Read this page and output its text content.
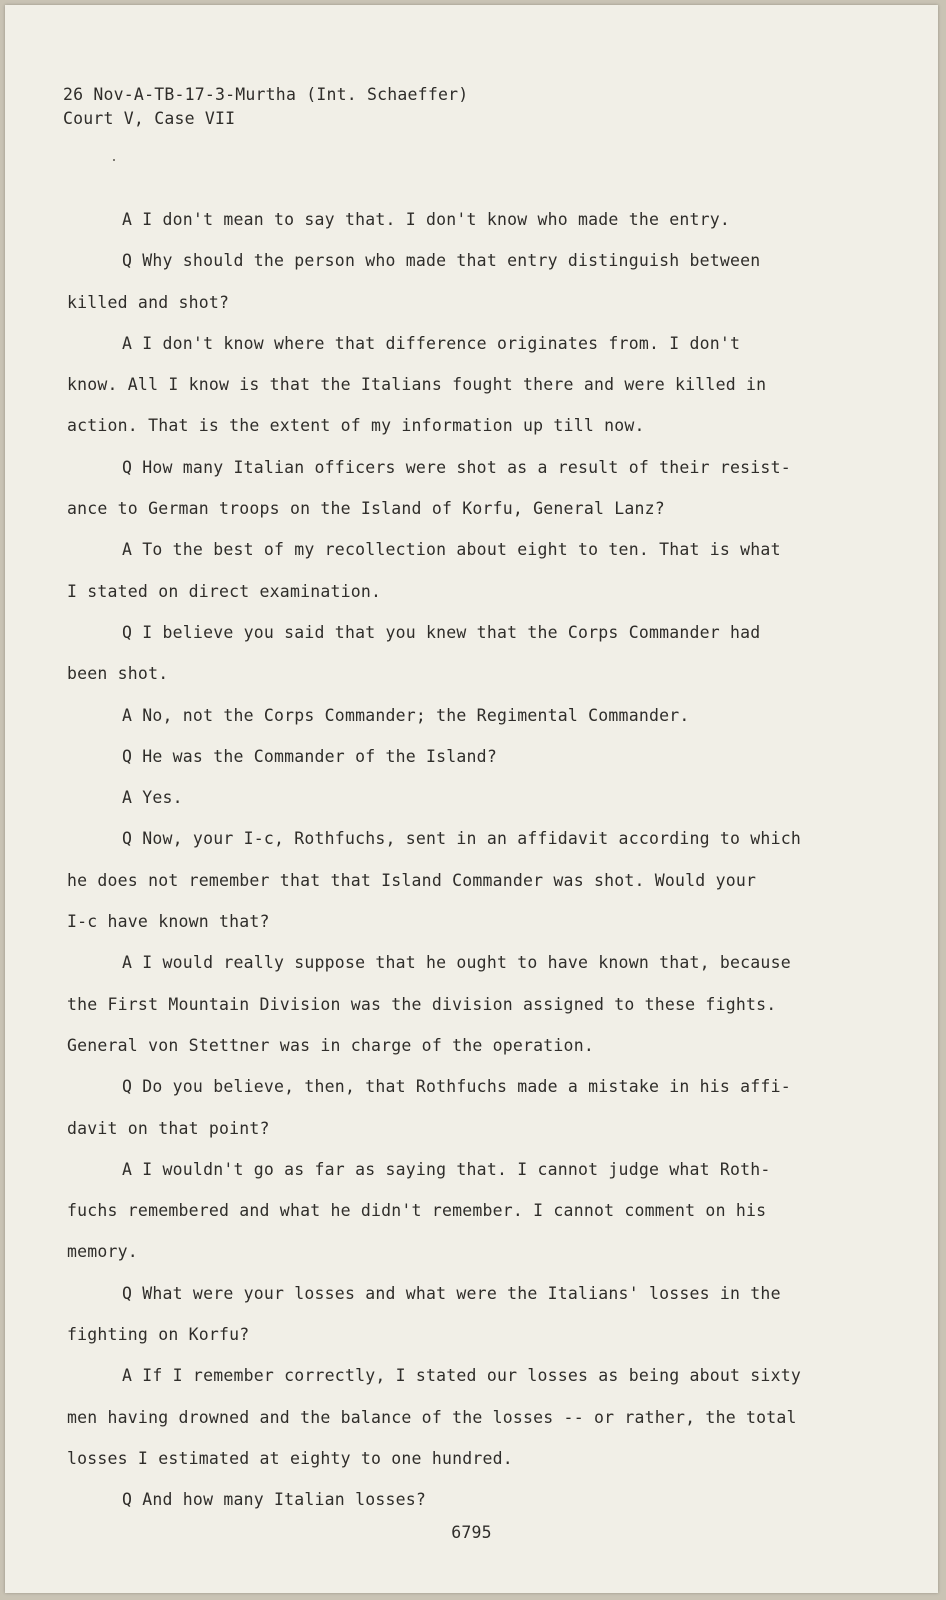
26 Nov-A-TB-17-3-Murtha (Int. Schaeffer)
Court V, Case VII
A I don't mean to say that. I don't know who made the entry.
Q Why should the person who made that entry distinguish between
killed and shot?
A I don't know where that difference originates from. I don't
know. All I know is that the Italians fought there and were killed in
action. That is the extent of my information up till now.
Q How many Italian officers were shot as a result of their resist-
ance to German troops on the Island of Korfu, General Lanz?
A To the best of my recollection about eight to ten. That is what
I stated on direct examination.
Q I believe you said that you knew that the Corps Commander had
been shot.
A No, not the Corps Commander; the Regimental Commander.
Q He was the Commander of the Island?
A Yes.
Q Now, your I-c, Rothfuchs, sent in an affidavit according to which
he does not remember that that Island Commander was shot. Would your
I-c have known that?
A I would really suppose that he ought to have known that, because
the First Mountain Division was the division assigned to these fights.
General von Stettner was in charge of the operation.
Q Do you believe, then, that Rothfuchs made a mistake in his affi-
davit on that point?
A I wouldn't go as far as saying that. I cannot judge what Roth-
fuchs remembered and what he didn't remember. I cannot comment on his
memory.
Q What were your losses and what were the Italians' losses in the
fighting on Korfu?
A If I remember correctly, I stated our losses as being about sixty
men having drowned and the balance of the losses -- or rather, the total
losses I estimated at eighty to one hundred.
Q And how many Italian losses?
6795
